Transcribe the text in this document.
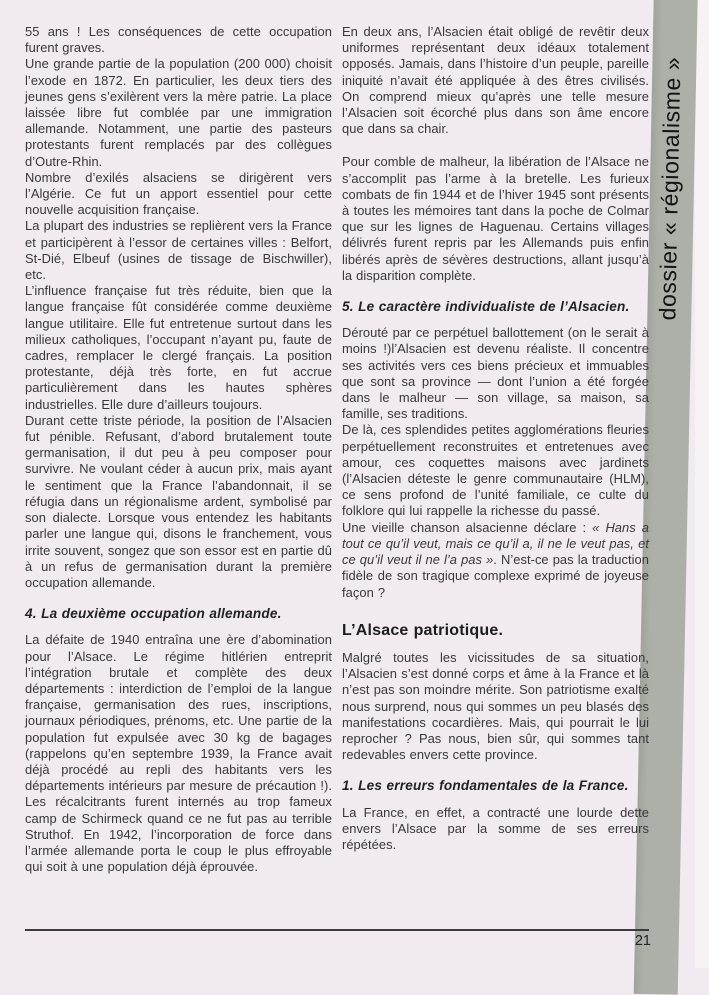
dossier « régionalisme »

55 ans ! Les conséquences de cette occupation furent graves.

Une grande partie de la population (200 000) choisit l’exode en 1872. En particulier, les deux tiers des jeunes gens s’exilèrent vers la mère patrie. La place laissée libre fut comblée par une immigration allemande. Notamment, une partie des pasteurs protestants furent remplacés par des collègues d’Outre-Rhin.

Nombre d’exilés alsaciens se dirigèrent vers l’Algérie. Ce fut un apport essentiel pour cette nouvelle acquisition française.

La plupart des industries se replièrent vers la France et participèrent à l’essor de certaines villes : Belfort, St-Dié, Elbeuf (usines de tissage de Bischwiller), etc.

L’influence française fut très réduite, bien que la langue française fût considérée comme deuxième langue utilitaire. Elle fut entretenue surtout dans les milieux catholiques, l’occupant n’ayant pu, faute de cadres, remplacer le clergé français. La position protestante, déjà très forte, en fut accrue particulièrement dans les hautes sphères industrielles. Elle dure d’ailleurs toujours.

Durant cette triste période, la position de l’Alsacien fut pénible. Refusant, d’abord brutalement toute germanisation, il dut peu à peu composer pour survivre. Ne voulant céder à aucun prix, mais ayant le sentiment que la France l’abandonnait, il se réfugia dans un régionalisme ardent, symbolisé par son dialecte. Lorsque vous entendez les habitants parler une langue qui, disons le franchement, vous irrite souvent, songez que son essor est en partie dû à un refus de germanisation durant la première occupation allemande.

4. La deuxième occupation allemande.

La défaite de 1940 entraîna une ère d’abomination pour l’Alsace. Le régime hitlérien entreprit l’intégration brutale et complète des deux départements : interdiction de l’emploi de la langue française, germanisation des rues, inscriptions, journaux périodiques, prénoms, etc. Une partie de la population fut expulsée avec 30 kg de bagages (rappelons qu’en septembre 1939, la France avait déjà procédé au repli des habitants vers les départements intérieurs par mesure de précaution !). Les récalcitrants furent internés au trop fameux camp de Schirmeck quand ce ne fut pas au terrible Struthof. En 1942, l’incorporation de force dans l’armée allemande porta le coup le plus effroyable qui soit à une population déjà éprouvée.

En deux ans, l’Alsacien était obligé de revêtir deux uniformes représentant deux idéaux totalement opposés. Jamais, dans l’histoire d’un peuple, pareille iniquité n’avait été appliquée à des êtres civilisés. On comprend mieux qu’après une telle mesure l’Alsacien soit écorché plus dans son âme encore que dans sa chair.

Pour comble de malheur, la libération de l’Alsace ne s’accomplit pas l’arme à la bretelle. Les furieux combats de fin 1944 et de l’hiver 1945 sont présents à toutes les mémoires tant dans la poche de Colmar que sur les lignes de Haguenau. Certains villages délivrés furent repris par les Allemands puis enfin libérés après de sévères destructions, allant jusqu’à la disparition complète.

5. Le caractère individualiste de l’Alsacien.

Dérouté par ce perpétuel ballottement (on le serait à moins !)l’Alsacien est devenu réaliste. Il concentre ses activités vers ces biens précieux et immuables que sont sa province — dont l’union a été forgée dans le malheur — son village, sa maison, sa famille, ses traditions.

De là, ces splendides petites agglomérations fleuries perpétuellement reconstruites et entretenues avec amour, ces coquettes maisons avec jardinets (l’Alsacien déteste le genre communautaire (HLM), ce sens profond de l’unité familiale, ce culte du folklore qui lui rappelle la richesse du passé.

Une vieille chanson alsacienne déclare : « Hans a tout ce qu’il veut, mais ce qu’il a, il ne le veut pas, et ce qu’il veut il ne l’a pas ». N’est-ce pas la traduction fidèle de son tragique complexe exprimé de joyeuse façon ?

L’Alsace patriotique.

Malgré toutes les vicissitudes de sa situation, l’Alsacien s’est donné corps et âme à la France et là n’est pas son moindre mérite. Son patriotisme exalté nous surprend, nous qui sommes un peu blasés des manifestations cocardières. Mais, qui pourrait le lui reprocher ? Pas nous, bien sûr, qui sommes tant redevables envers cette province.

1. Les erreurs fondamentales de la France.

La France, en effet, a contracté une lourde dette envers l’Alsace par la somme de ses erreurs répétées.

21
